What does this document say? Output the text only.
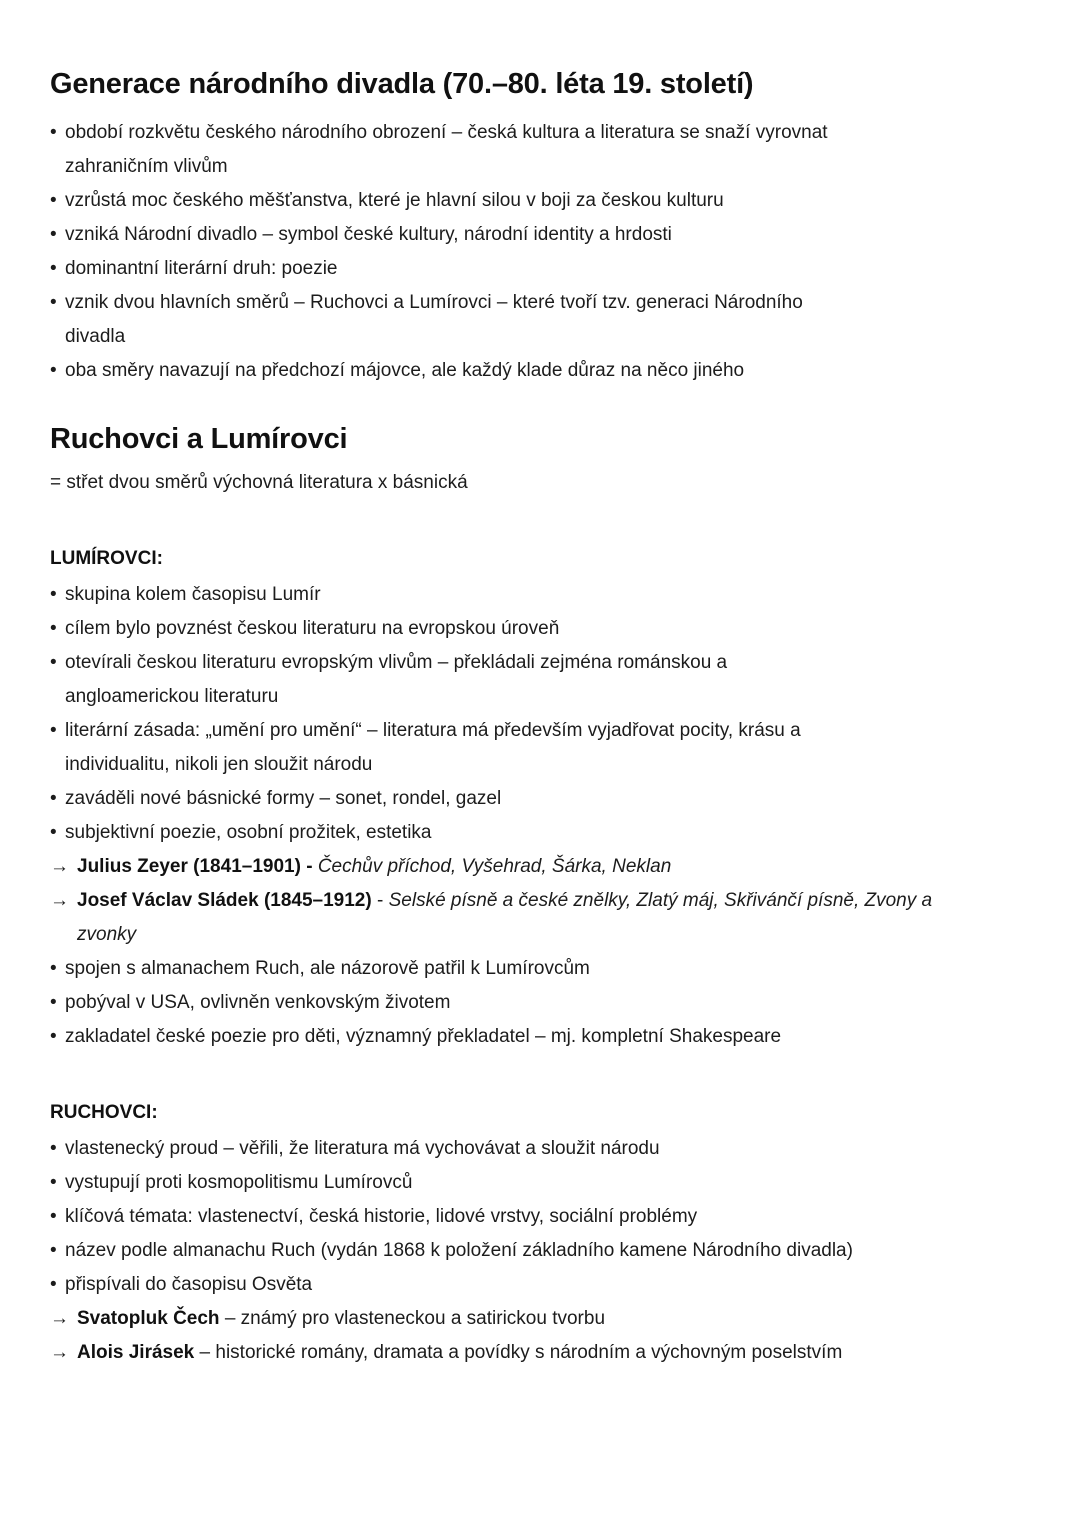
Generace národního divadla (70.–80. léta 19. století)
• období rozkvětu českého národního obrození – česká kultura a literatura se snaží vyrovnat
zahraničním vlivům
• vzrůstá moc českého měšťanstva, které je hlavní silou v boji za českou kulturu
• vzniká Národní divadlo – symbol české kultury, národní identity a hrdosti
• dominantní literární druh: poezie
• vznik dvou hlavních směrů – Ruchovci a Lumírovci – které tvoří tzv. generaci Národního
divadla
• oba směry navazují na předchozí májovce, ale každý klade důraz na něco jiného
Ruchovci a Lumírovci

= střet dvou směrů výchovná literatura x básnická

LUMÍROVCI:

• skupina kolem časopisu Lumír
• cílem bylo povznést českou literaturu na evropskou úroveň
• otevírali českou literaturu evropským vlivům – překládali zejména románskou a
angloamerickou literaturu
• literární zásada: „umění pro umění“ – literatura má především vyjadřovat pocity, krásu a
individualitu, nikoli jen sloužit národu
• zaváděli nové básnické formy – sonet, rondel, gazel
• subjektivní poezie, osobní prožitek, estetika
→ Julius Zeyer (1841–1901) - Čechův příchod, Vyšehrad, Šárka, Neklan
→ Josef Václav Sládek (1845–1912) - Selské písně a české znělky, Zlatý máj, Skřivánčí písně, Zvony a
zvonky
• spojen s almanachem Ruch, ale názorově patřil k Lumírovcům
• pobýval v USA, ovlivněn venkovským životem
• zakladatel české poezie pro děti, významný překladatel – mj. kompletní Shakespeare

RUCHOVCI:

• vlastenecký proud – věřili, že literatura má vychovávat a sloužit národu
• vystupují proti kosmopolitismu Lumírovců
• klíčová témata: vlastenectví, česká historie, lidové vrstvy, sociální problémy
• název podle almanachu Ruch (vydán 1868 k položení základního kamene Národního divadla)
• přispívali do časopisu Osvěta
→ Svatopluk Čech – známý pro vlasteneckou a satirickou tvorbu
→ Alois Jirásek – historické romány, dramata a povídky s národním a výchovným poselstvím
